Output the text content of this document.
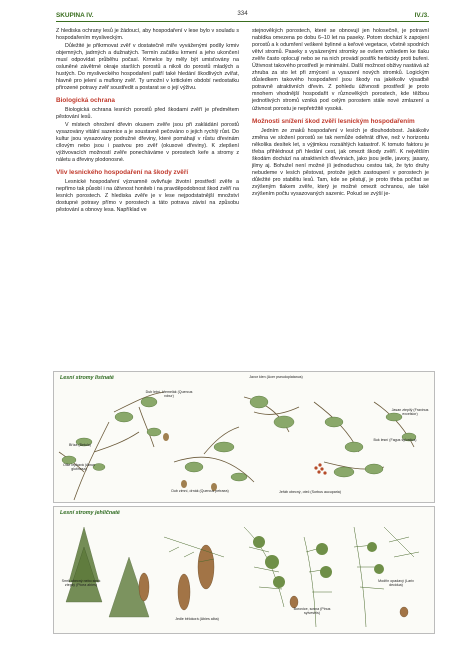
SKUPINA IV.	334	IV./3.

Z hlediska ochrany lesů je žádoucí, aby hospodaření v lese bylo v souladu s hospodařením mysliveckým.

Důležité je přikrmovat zvěř v dostatečně míře vyváženými podíly krmiv objemných, jadrných a dužnatých. Termín začátku krmení a jeho ukončení musí odpovídat průběhu počasí. Krmelce by měly být umisťovány na osluněné závětrné okraje starších porostů a nikoli do porostů mladých a hustých. Do mysliveckého hospodaření patří také hledání škodlivých zvířat, hlavně pro jelení a muflony zvěř. Ty umožní v kritickém období nedostatku přirozené potravy zvěř soustředit a postarat se o její výživu.

Biologická ochrana

Biologická ochrana lesních porostů před škodami zvěří je předmětem pěstování lesů.

V místech ohrožení dřevin okusem zvěře jsou při zakládání porostů vysazovány vitální sazenice a je soustavně pečováno o jejich rychlý růst. Do kultur jsou vysazovány podružné dřeviny, které pomáhají v růstu dřevinám cílovým nebo jsou i pastvou pro zvěř (okusové dřeviny). K zlepšení výživovacích možností zvěře ponecháváme v porostech keře a stromy z náletu a dřeviny plodonosné.

Vliv lesnického hospodaření na škody zvěří

Lesnické hospodaření významně ovlivňuje životní prostředí zvěře a nepřímo tak působí i na úživnost honiteb i na pravděpodobnost škod zvěří na lesních porostech. Z hlediska zvěře je v lese nejpodstatnější množství dostupné potravy přímo v porostech a táto potrava závisí na způsobu pěstování a obnovy lesa. Například ve

stejnověkých porostech, které se obnovují jen holosečně, je potravní nabídka omezena po dobu 6–10 let na paseky. Potom dochází k zapojení porostů a k odumření veškeré bylinné a keřové vegetace, včetně spodních větví stromů. Paseky s vysázenými stromky se ovšem vzhledem ke tlaku zvěře často oplocují nebo se na nich provádí postřik herbicidy proti buřeni. Úživnost takového prostředí je minimální. Další možnost obživy nastává až zhruba za sto let při zmýcení a vysazení nových stromků. Logickým důsledkem takového hospodaření jsou škody na jakékoliv výsadbě potravně atraktivních dřevin. Z pohledu úživnosti prostředí je proto mnohem vhodnější hospodařit v různověkých porostech, kde těžbou jednotlivých stromů vzniká pod celým porostem stále nové zmlazení a úživnost porostu je nepřetržitě vysoká.

Možnosti snížení škod zvěří lesnickým hospodařením

Jedním ze znaků hospodaření v lesích je dlouhodobost. Jakákoliv změna ve složení porostů se tak nemůže odehrát dříve, než v horizontu několika desítek let, s výjimkou rozsáhlých katastrof. K tomuto faktoru je třeba přihlédnout při hledání cest, jak omezit škody zvěří. K největším škodám dochází na atraktivních dřevinách, jako jsou jedle, javory, jasany, jilmy aj. Bohužel není možné jíi jednoduchou cestou tak, že tyto druhy nebudeme v lesích pěstovat, protože jejich zastoupení v porostech je důležité pro stabilitu lesů. Tam, kde se pěstují, je proto třeba počítat se zvýšeným tlakem zvěře, který je možné omezit ochranou, ale také zvýšením počtu vysazovaných sazenic. Pokud se zvýší je-

Lesní stromy listnaté
Dub letní, křemelák (Quercus robur)
Javor klen (Acer pseudoplatanus)
Jasan ztepilý (Fraxinus excelsior)
Bříza (Betula)
Olše lepkavá (Alnus glutinosa)
Buk lesní (Fagus sylvatica)
Dub zimní, drnák (Quercus petraea)	Jeřáb obecný, oteč (Sorbus aucuparia)
Lesní stromy jehličnaté
Smrk obecný nebo smrk ztepilý (Picea abies)
Jedle bělokorá (Abies alba)
Borovice, sosna (Pinus sylvestris)
Modřín opadavý (Larix decidua)
